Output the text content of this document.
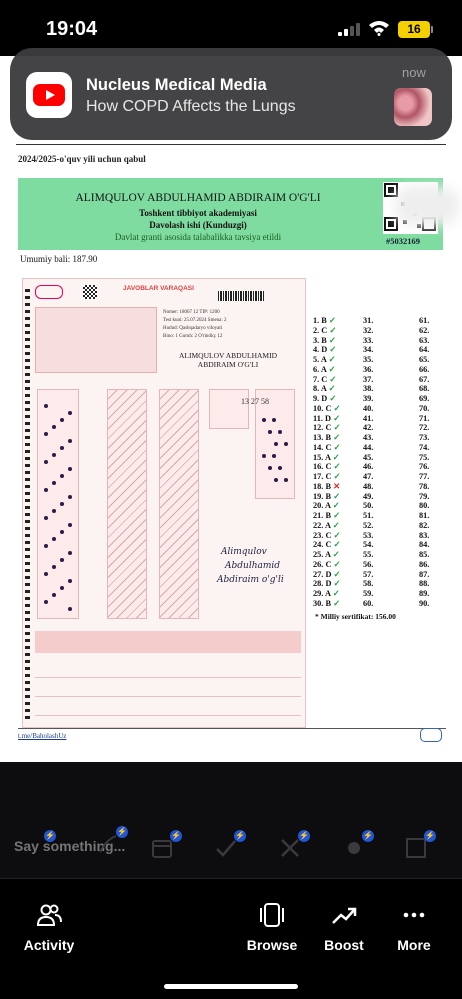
19:04	16
2024/2025-o'quv yili uchun qabul
ALIMQULOV ABDULHAMID ABDIRAIM O'G'LI
Toshkent tibbiyot akademiyasi
Davolash ishi (Kunduzgi)
Davlat granti asosida talabalikka tavsiya etildi	#5032169
Umumiy bali: 187.90
JAVOBLAR VARAQASI
Nomer: 18067 12 TIP: 1200
Test kuni: 25.07.2024 Smena: 2
Hudud: Qashqadaryo viloyati
Bino: 1 Guruh: 2 O'rindiq: 12
ALIMQULOV ABDULHAMID
ABDIRAIM O'G'LI
13 27 58
Alimqulov
Abdulhamid
Abdiraim o'g'li
1. B ✓	31.	61.
2. C ✓	32.	62.
3. B ✓	33.	63.
4. D ✓	34.	64.
5. A ✓	35.	65.
6. A ✓	36.	66.
7. C ✓	37.	67.
8. A ✓	38.	68.
9. D ✓	39.	69.
10. C ✓	40.	70.
11. D ✓	41.	71.
12. C ✓	42.	72.
13. B ✓	43.	73.
14. C ✓	44.	74.
15. A ✓	45.	75.
16. C ✓	46.	76.
17. C ✓	47.	77.
18. B ✕	48.	78.
19. B ✓	49.	79.
20. A ✓	50.	80.
21. B ✓	51.	81.
22. A ✓	52.	82.
23. C ✓	53.	83.
24. C ✓	54.	84.
25. A ✓	55.	85.
26. C ✓	56.	86.
27. D ✓	57.	87.
28. D ✓	58.	88.
29. A ✓	59.	89.
30. B ✓	60.	90.
* Milliy sertifikat: 156.00
t.me/BaholashUz
Say something...
⚡	⚡	⚡	⚡	⚡	⚡
⚡
Activity	Browse	Boost	More
Nucleus Medical Media
How COPD Affects the Lungs
now
